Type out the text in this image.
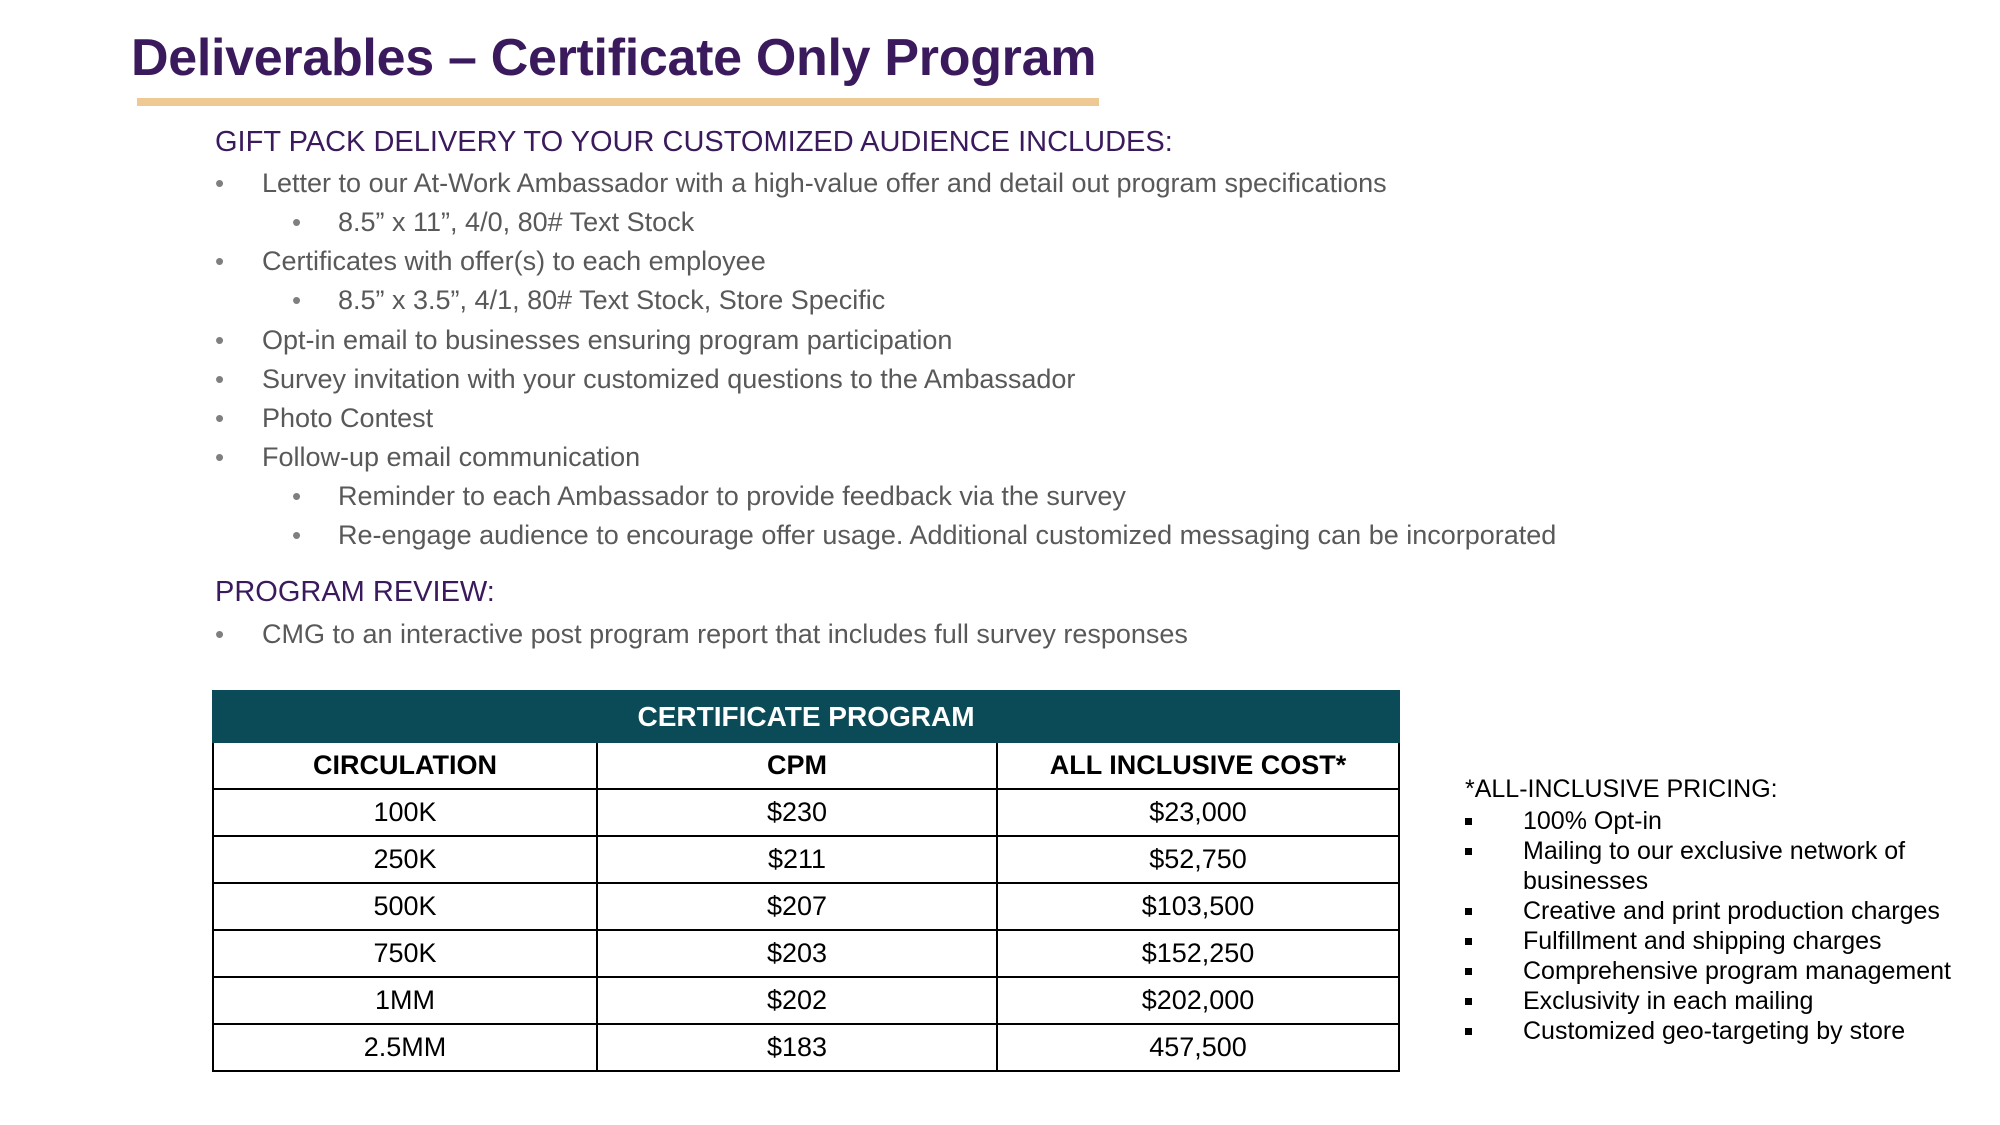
Deliverables – Certificate Only Program
GIFT PACK DELIVERY TO YOUR CUSTOMIZED AUDIENCE INCLUDES:
• Letter to our At-Work Ambassador with a high-value offer and detail out program specifications
• 8.5” x 11”, 4/0, 80# Text Stock
• Certificates with offer(s) to each employee
• 8.5” x 3.5”, 4/1, 80# Text Stock, Store Specific
• Opt-in email to businesses ensuring program participation
• Survey invitation with your customized questions to the Ambassador
• Photo Contest
• Follow-up email communication
• Reminder to each Ambassador to provide feedback via the survey
• Re-engage audience to encourage offer usage. Additional customized messaging can be incorporated
PROGRAM REVIEW:
• CMG to an interactive post program report that includes full survey responses
CERTIFICATE PROGRAM		
CIRCULATION	CPM	ALL INCLUSIVE COST*
100K	$230	$23,000
250K	$211	$52,750
500K	$207	$103,500
750K	$203	$152,250
1MM	$202	$202,000
2.5MM	$183	457,500
*ALL-INCLUSIVE PRICING:
100% Opt-in
Mailing to our exclusive network of businesses
Creative and print production charges
Fulfillment and shipping charges
Comprehensive program management
Exclusivity in each mailing
Customized geo-targeting by store
